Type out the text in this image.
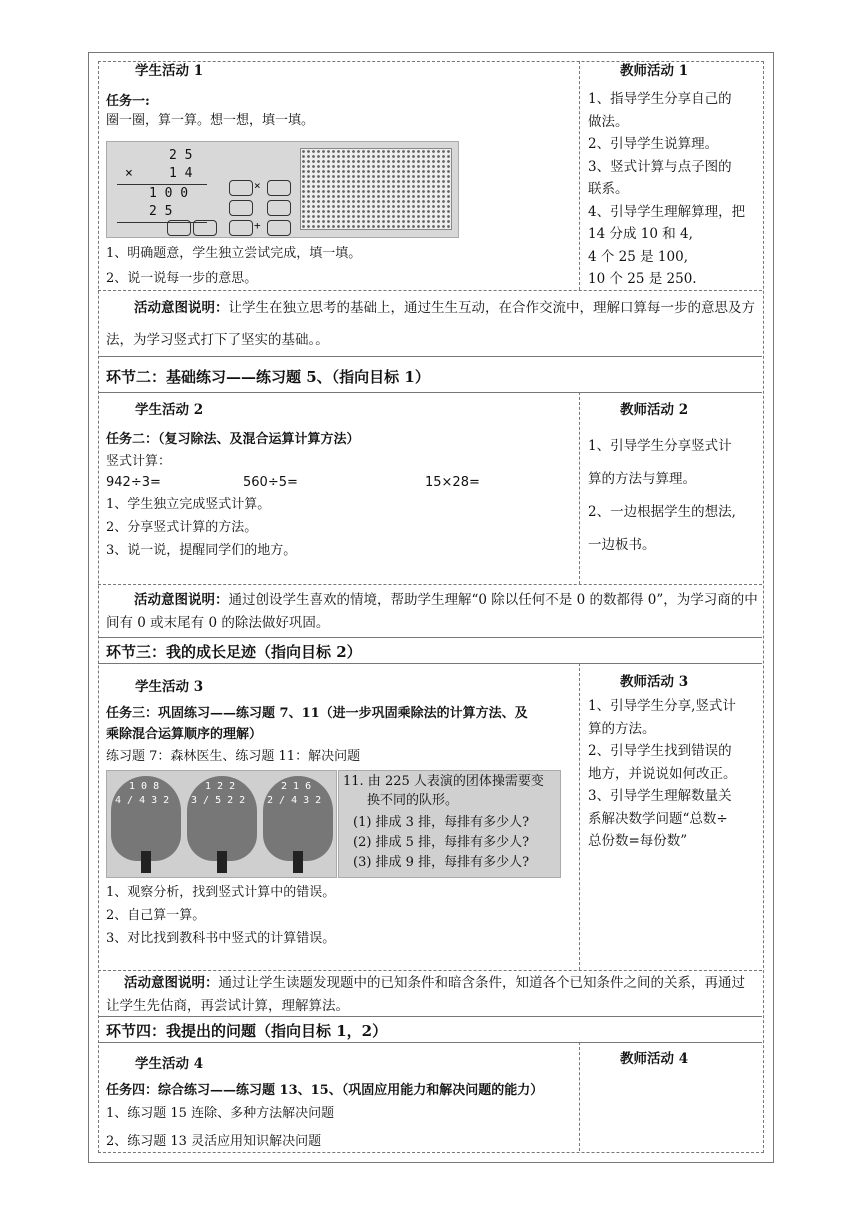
学生活动 1	教师活动 1
任务一:
圈一圈，算一算。想一想，填一填。
2 5
×	1 4
1 0 0
2 5
×
+
1、明确题意，学生独立尝试完成，填一填。
2、说一说每一步的意思。
1、指导学生分享自己的
做法。
2、引导学生说算理。
3、竖式计算与点子图的
联系。
4、引导学生理解算理，把
14 分成 10 和 4,
4 个 25 是 100,
10 个 25 是 250.
活动意图说明：让学生在独立思考的基础上，通过生生互动，在合作交流中，理解口算每一步的意思及方法，为学习竖式打下了坚实的基础。。
环节二：基础练习——练习题 5、（指向目标 1）
学生活动 2	教师活动 2
任务二：（复习除法、及混合运算计算方法）
竖式计算：
942÷3=	560÷5=	15×28=
1、学生独立完成竖式计算。
2、分享竖式计算的方法。
3、说一说，提醒同学们的地方。
1、引导学生分享竖式计
算的方法与算理。
2、一边根据学生的想法,
一边板书。
活动意图说明：通过创设学生喜欢的情境，帮助学生理解“0 除以任何不是 0 的数都得 0”，为学习商的中间有 0 或末尾有 0 的除法做好巩固。
环节三：我的成长足迹（指向目标 2）
学生活动 3	教师活动 3
任务三：巩固练习——练习题 7、11（进一步巩固乘除法的计算方法、及
乘除混合运算顺序的理解）
练习题 7：森林医生、练习题 11：解决问题
1 0 8
4 / 4 3 2
1 2 2
3 / 5 2 2
2 1 6
2 / 4 3 2
11. 由 225 人表演的团体操需要变
换不同的队形。
(1) 排成 3 排，每排有多少人?
(2) 排成 5 排，每排有多少人?
(3) 排成 9 排，每排有多少人?
1、观察分析，找到竖式计算中的错误。
2、自己算一算。
3、对比找到教科书中竖式的计算错误。
1、引导学生分享,竖式计
算的方法。
2、引导学生找到错误的
地方，并说说如何改正。
3、引导学生理解数量关
系解决数学问题“总数÷
总份数=每份数”
活动意图说明：通过让学生读题发现题中的已知条件和暗含条件，知道各个已知条件之间的关系，再通过让学生先估商，再尝试计算，理解算法。
环节四：我提出的问题（指向目标 1，2）
学生活动 4	教师活动 4
任务四：综合练习——练习题 13、15、（巩固应用能力和解决问题的能力）
1、练习题 15 连除、多种方法解决问题
2、练习题 13 灵活应用知识解决问题
